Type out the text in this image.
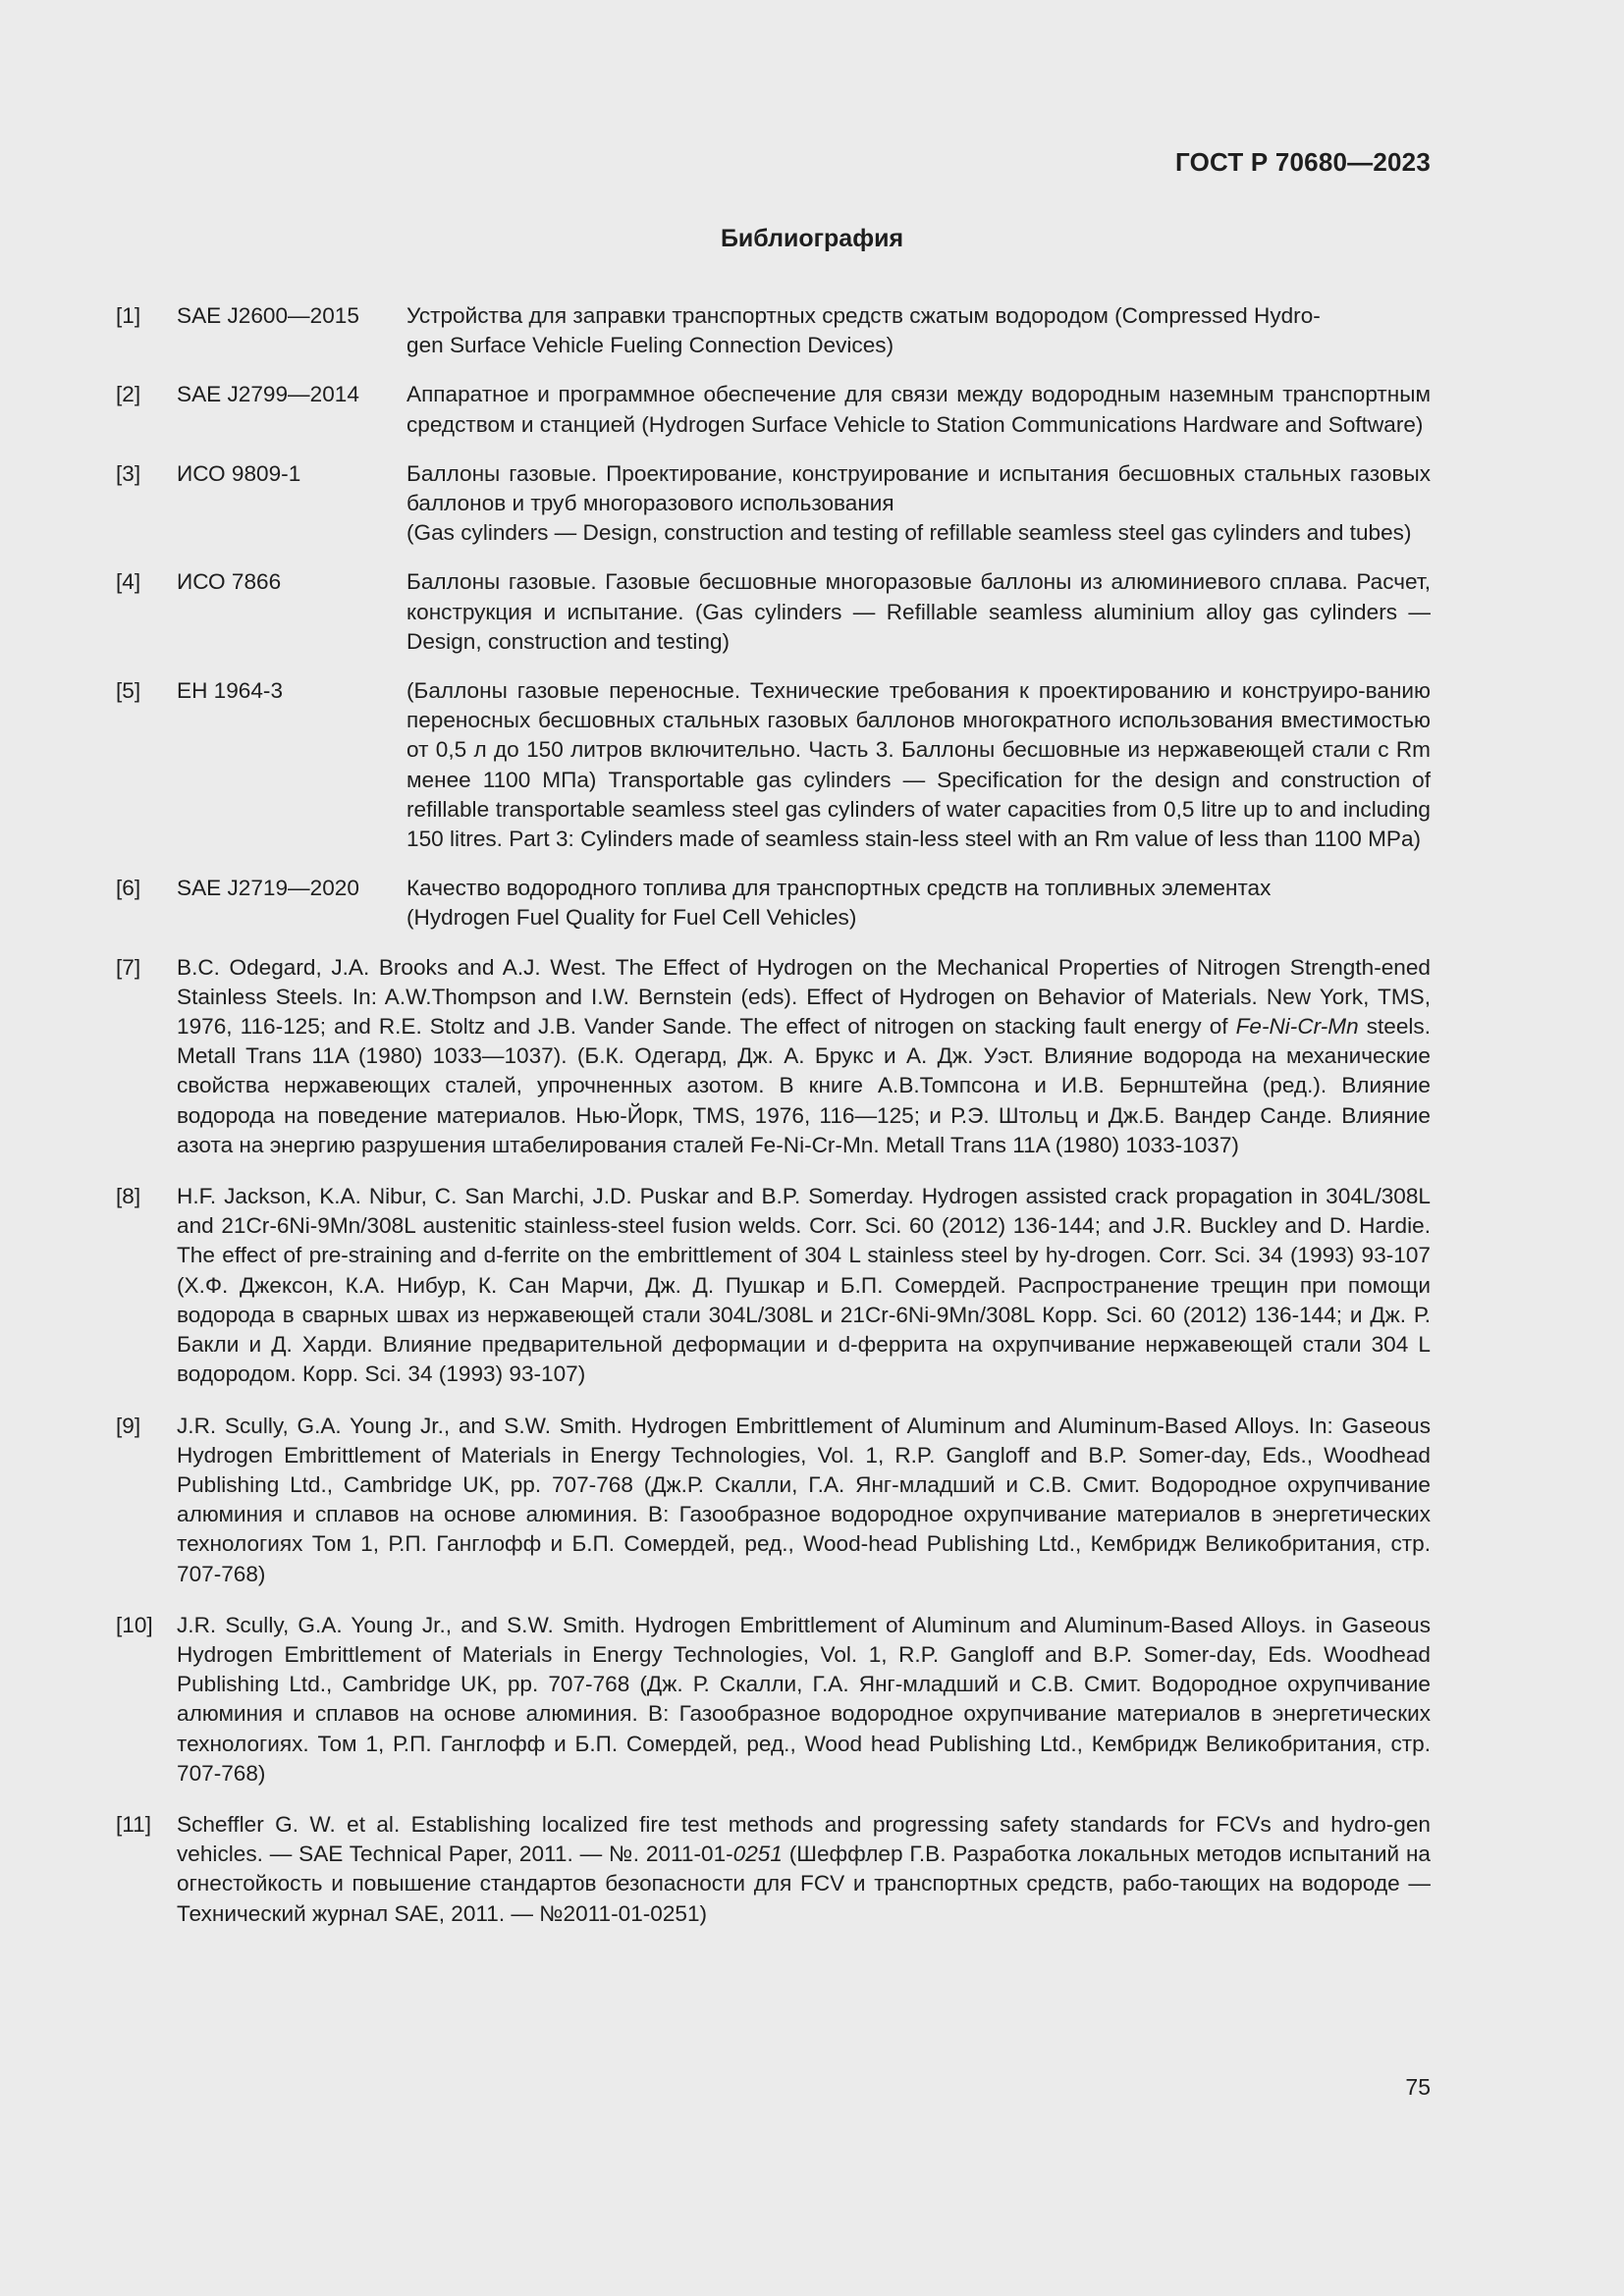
ГОСТ Р 70680—2023
Библиография
[1] SAE J2600—2015 Устройства для заправки транспортных средств сжатым водородом (Compressed Hydro-
gen Surface Vehicle Fueling Connection Devices)
[2] SAE J2799—2014 Аппаратное и программное обеспечение для связи между водородным наземным транспортным средством и станцией (Hydrogen Surface Vehicle to Station Communications Hardware and Software)
[3] ИСО 9809-1	Баллоны газовые. Проектирование, конструирование и испытания бесшовных стальных газовых баллонов и труб многоразового использования
(Gas cylinders — Design, construction and testing of refillable seamless steel gas cylinders and tubes)
[4] ИСО 7866	Баллоны газовые. Газовые бесшовные многоразовые баллоны из алюминиевого сплава. Расчет, конструкция и испытание. (Gas cylinders — Refillable seamless aluminium alloy gas cylinders — Design, construction and testing)
[5] ЕН 1964-3	(Баллоны газовые переносные. Технические требования к проектированию и конструиро-ванию переносных бесшовных стальных газовых баллонов многократного использования вместимостью от 0,5 л до 150 литров включительно. Часть 3. Баллоны бесшовные из нержавеющей стали с Rm менее 1100 МПа) Transportable gas cylinders — Specification for the design and construction of refillable transportable seamless steel gas cylinders of water capacities from 0,5 litre up to and including 150 litres. Part 3: Cylinders made of seamless stain-less steel with an Rm value of less than 1100 MPa)
[6] SAE J2719—2020 Качество водородного топлива для транспортных средств на топливных элементах
(Hydrogen Fuel Quality for Fuel Cell Vehicles)
[7] B.C. Odegard, J.A. Brooks and A.J. West. The Effect of Hydrogen on the Mechanical Properties of Nitrogen Strength-ened Stainless Steels. In: A.W.Thompson and I.W. Bernstein (eds). Effect of Hydrogen on Behavior of Materials. New York, TMS, 1976, 116-125; and R.E. Stoltz and J.B. Vander Sande. The effect of nitrogen on stacking fault energy of Fe-Ni-Cr-Mn steels. Metall Trans 11A (1980) 1033—1037). (Б.К. Одегард, Дж. А. Брукс и А. Дж. Уэст. Влияние водорода на механические свойства нержавеющих сталей, упрочненных азотом. В книге А.В.Томпсона и И.В. Бернштейна (ред.). Влияние водорода на поведение материалов. Нью-Йорк, TMS, 1976, 116—125; и Р.Э. Штольц и Дж.Б. Вандер Санде. Влияние азота на энергию разрушения штабелирования сталей Fe-Ni-Cr-Mn. Metall Trans 11A (1980) 1033-1037)
[8] H.F. Jackson, K.A. Nibur, C. San Marchi, J.D. Puskar and B.P. Somerday. Hydrogen assisted crack propagation in 304L/308L and 21Cr-6Ni-9Mn/308L austenitic stainless-steel fusion welds. Corr. Sci. 60 (2012) 136-144; and J.R. Buckley and D. Hardie. The effect of pre-straining and d-ferrite on the embrittlement of 304 L stainless steel by hy-drogen. Corr. Sci. 34 (1993) 93-107 (Х.Ф. Джексон, К.А. Нибур, К. Сан Марчи, Дж. Д. Пушкар и Б.П. Сомердей. Распространение трещин при помощи водорода в сварных швах из нержавеющей стали 304L/308L и 21Cr-6Ni-9Mn/308L Корр. Sci. 60 (2012) 136-144; и Дж. Р. Бакли и Д. Харди. Влияние предварительной деформации и d-феррита на охрупчивание нержавеющей стали 304 L водородом. Корр. Sci. 34 (1993) 93-107)
[9] J.R. Scully, G.A. Young Jr., and S.W. Smith. Hydrogen Embrittlement of Aluminum and Aluminum-Based Alloys. In: Gaseous Hydrogen Embrittlement of Materials in Energy Technologies, Vol. 1, R.P. Gangloff and B.P. Somer-day, Eds., Woodhead Publishing Ltd., Cambridge UK, pp. 707-768 (Дж.Р. Скалли, Г.А. Янг-младший и С.В. Смит. Водородное охрупчивание алюминия и сплавов на основе алюминия. В: Газообразное водородное охрупчивание материалов в энергетических технологиях Том 1, Р.П. Ганглофф и Б.П. Сомердей, ред., Wood-head Publishing Ltd., Кембридж Великобритания, стр. 707-768)
[10] J.R. Scully, G.A. Young Jr., and S.W. Smith. Hydrogen Embrittlement of Aluminum and Aluminum-Based Alloys. in Gaseous Hydrogen Embrittlement of Materials in Energy Technologies, Vol. 1, R.P. Gangloff and B.P. Somer-day, Eds. Woodhead Publishing Ltd., Cambridge UK, pp. 707-768 (Дж. Р. Скалли, Г.А. Янг-младший и С.В. Смит. Водородное охрупчивание алюминия и сплавов на основе алюминия. В: Газообразное водородное охрупчивание материалов в энергетических технологиях. Том 1, Р.П. Ганглофф и Б.П. Сомердей, ред., Wood head Publishing Ltd., Кембридж Великобритания, стр. 707-768)
[11] Scheffler G. W. et al. Establishing localized fire test methods and progressing safety standards for FCVs and hydro-gen vehicles. — SAE Technical Paper, 2011. — №. 2011-01-0251 (Шеффлер Г.В. Разработка локальных методов испытаний на огнестойкость и повышение стандартов безопасности для FCV и транспортных средств, рабо-тающих на водороде — Технический журнал SAE, 2011. — №2011-01-0251)
75
